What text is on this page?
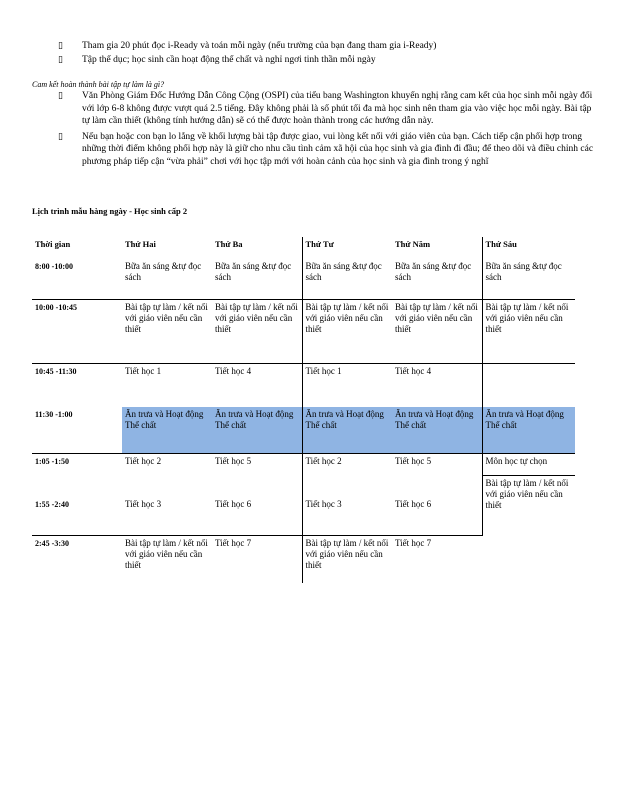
▯ Tham gia 20 phút đọc i-Ready và toán mỗi ngày (nếu trường của bạn đang tham gia i-Ready)
▯ Tập thể dục; học sinh cần hoạt động thể chất và nghỉ ngơi tinh thần mỗi ngày
Cam kết hoàn thành bài tập tự làm là gì?
▯ Văn Phòng Giám Đốc Hướng Dẫn Công Cộng (OSPI) của tiểu bang Washington khuyến nghị rằng cam kết của học sinh mỗi ngày đối với lớp 6-8 không được vượt quá 2.5 tiếng. Đây không phải là số phút tối đa mà học sinh nên tham gia vào việc học mỗi ngày. Bài tập tự làm cần thiết (không tính hướng dẫn) sẽ có thể được hoàn thành trong các hướng dẫn này.
▯ Nếu bạn hoặc con bạn lo lắng về khối lượng bài tập được giao, vui lòng kết nối với giáo viên của bạn. Cách tiếp cận phối hợp trong những thời điểm không phối hợp này là giữ cho nhu cầu tình cảm xã hội của học sinh và gia đình đi đầu; để theo dõi và điều chỉnh các phương pháp tiếp cận “vừa phải” chơi với học tập mới với hoàn cảnh của học sinh và gia đình trong ý nghĩ
Lịch trình mẫu hàng ngày - Học sinh cấp 2
Thời gian	Thứ Hai	Thứ Ba	Thứ Tư	Thứ Năm	Thứ Sáu
8:00 -10:00	Bữa ăn sáng &tự đọc sách	Bữa ăn sáng &tự đọc sách	Bữa ăn sáng &tự đọc sách	Bữa ăn sáng &tự đọc sách	Bữa ăn sáng &tự đọc sách
10:00 -10:45	Bài tập tự làm / kết nối với giáo viên nếu cần thiết	Bài tập tự làm / kết nối với giáo viên nếu cần thiết	Bài tập tự làm / kết nối với giáo viên nếu cần thiết	Bài tập tự làm / kết nối với giáo viên nếu cần thiết	Bài tập tự làm / kết nối với giáo viên nếu cần thiết
10:45 -11:30	Tiết học 1	Tiết học 4	Tiết học 1	Tiết học 4	
11:30 -1:00	Ăn trưa và Hoạt động Thể chất	Ăn trưa và Hoạt động Thể chất	Ăn trưa và Hoạt động Thể chất	Ăn trưa và Hoạt động Thể chất	Ăn trưa và Hoạt động Thể chất
1:05 -1:50	Tiết học 2	Tiết học 5	Tiết học 2	Tiết học 5	Môn học tự chọn
1:55 -2:40	Tiết học 3	Tiết học 6	Tiết học 3	Tiết học 6	Bài tập tự làm / kết nối với giáo viên nếu cần thiết
2:45 -3:30	Bài tập tự làm / kết nối với giáo viên nếu cần thiết	Tiết học 7	Bài tập tự làm / kết nối với giáo viên nếu cần thiết	Tiết học 7	
